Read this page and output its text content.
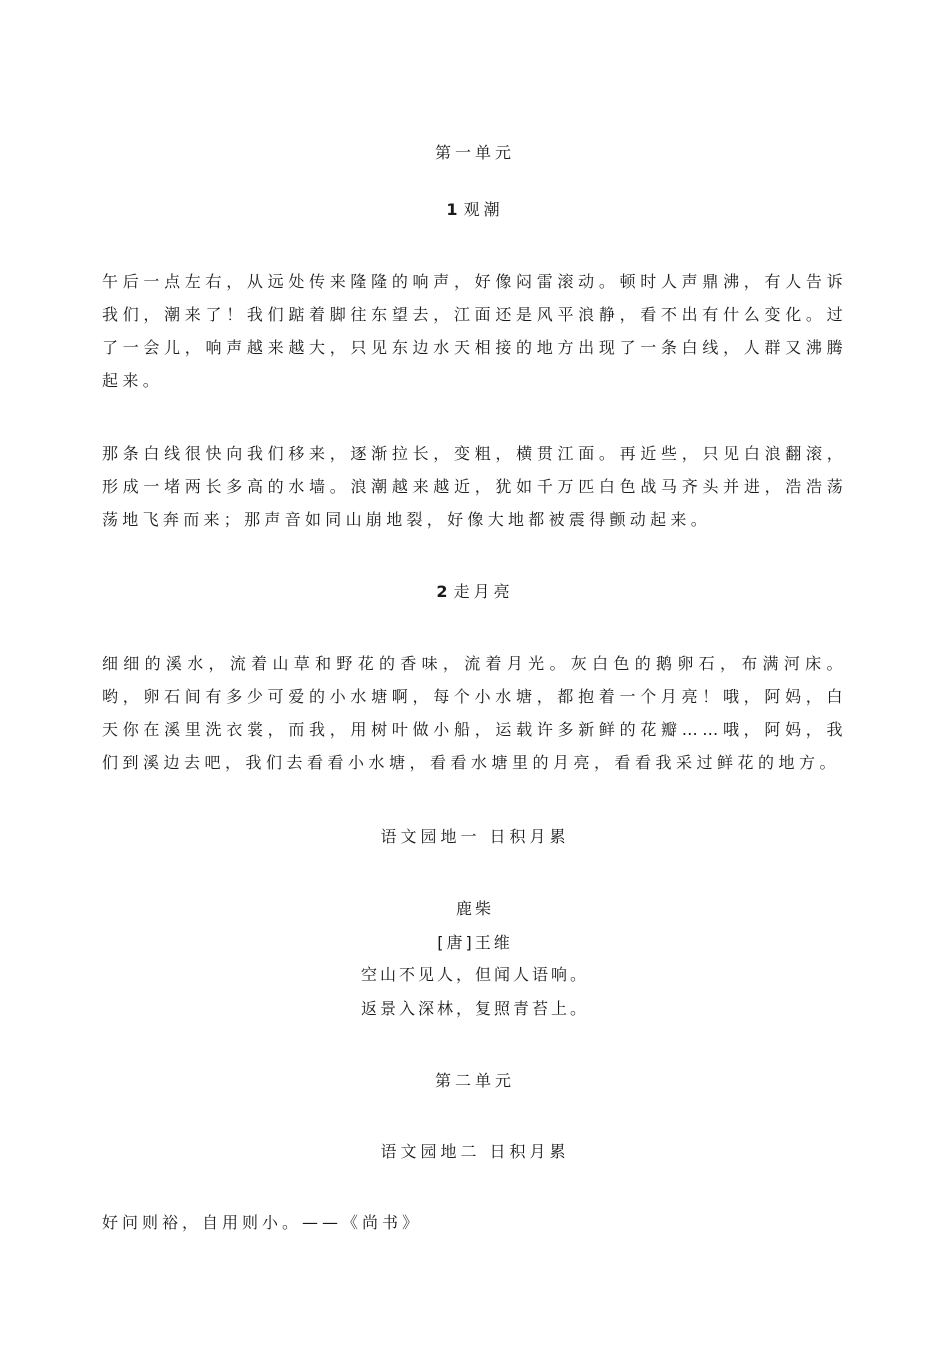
第一单元
1 观潮

午后一点左右，从远处传来隆隆的响声，好像闷雷滚动。顿时人声鼎沸，有人告诉我们，潮来了！我们踮着脚往东望去，江面还是风平浪静，看不出有什么变化。过了一会儿，响声越来越大，只见东边水天相接的地方出现了一条白线，人群又沸腾起来。

那条白线很快向我们移来，逐渐拉长，变粗，横贯江面。再近些，只见白浪翻滚，形成一堵两长多高的水墙。浪潮越来越近，犹如千万匹白色战马齐头并进，浩浩荡荡地飞奔而来；那声音如同山崩地裂，好像大地都被震得颤动起来。

2 走月亮

细细的溪水，流着山草和野花的香味，流着月光。灰白色的鹅卵石，布满河床。哟，卵石间有多少可爱的小水塘啊，每个小水塘，都抱着一个月亮！哦，阿妈，白天你在溪里洗衣裳，而我，用树叶做小船，运载许多新鲜的花瓣……哦，阿妈，我们到溪边去吧，我们去看看小水塘，看看水塘里的月亮，看看我采过鲜花的地方。

语文园地一 日积月累

鹿柴

[唐]王维

空山不见人，但闻人语响。

返景入深林，复照青苔上。

第二单元
语文园地二 日积月累

好问则裕，自用则小。——《尚书》
